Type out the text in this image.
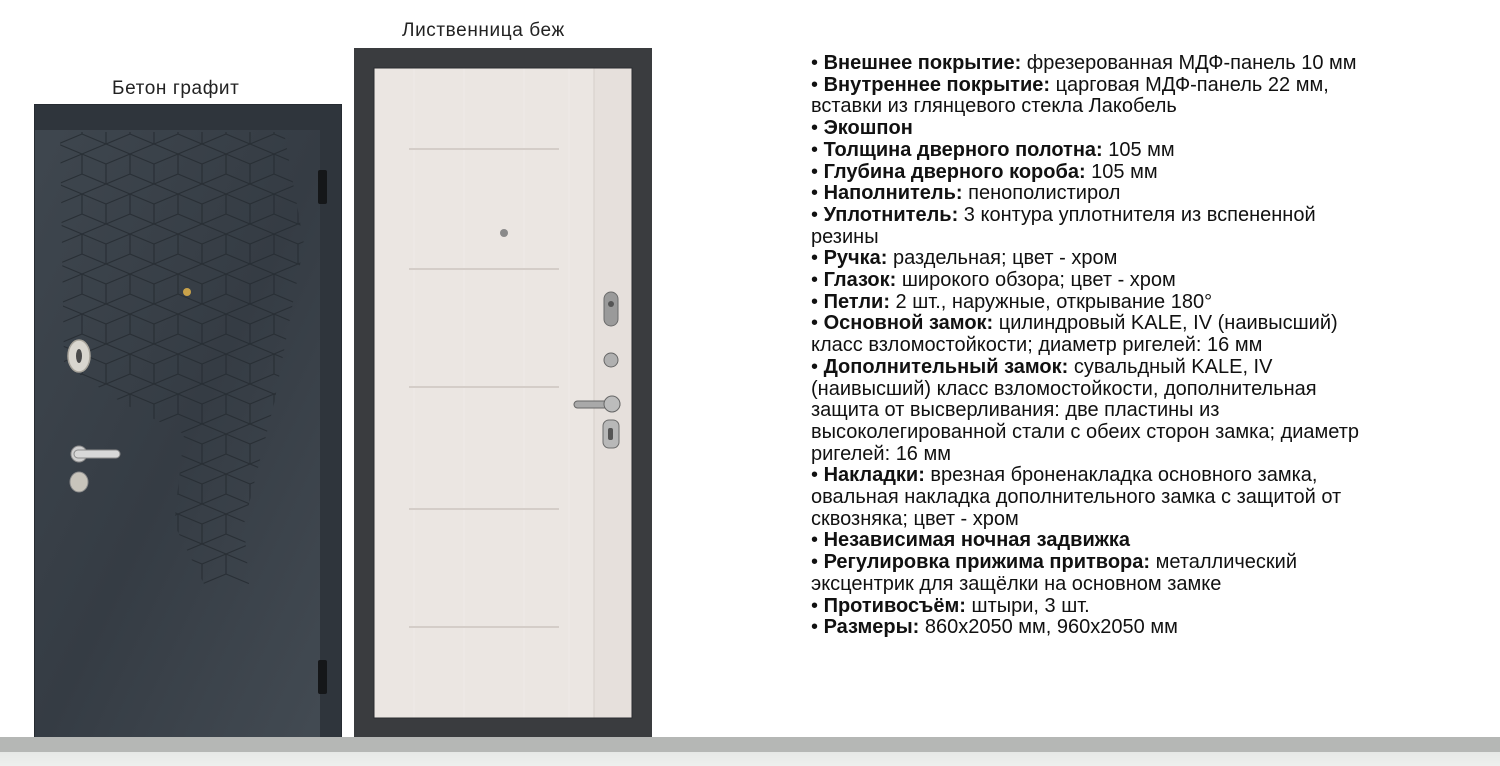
Бетон графит
Лиственница беж
• Внешнее покрытие: фрезерованная МДФ-панель 10 мм
• Внутреннее покрытие: царговая МДФ-панель 22 мм,
вставки из глянцевого стекла Лакобель
• Экошпон
• Толщина дверного полотна: 105 мм
• Глубина дверного короба: 105 мм
• Наполнитель: пенополистирол
• Уплотнитель: 3 контура уплотнителя из вспененной
резины
• Ручка: раздельная; цвет - хром
• Глазок: широкого обзора; цвет - хром
• Петли: 2 шт., наружные, открывание 180°
• Основной замок: цилиндровый KALE, IV (наивысший)
класс взломостойкости; диаметр ригелей: 16 мм
• Дополнительный замок: сувальдный KALE, IV
(наивысший) класс взломостойкости, дополнительная
защита от высверливания: две пластины из
высоколегированной стали с обеих сторон замка; диаметр
ригелей: 16 мм
• Накладки: врезная броненакладка основного замка,
овальная накладка дополнительного замка с защитой от
сквозняка; цвет - хром
• Независимая ночная задвижка
• Регулировка прижима притвора: металлический
эксцентрик для защёлки на основном замке
• Противосъём: штыри, 3 шт.
• Размеры: 860х2050 мм, 960х2050 мм
